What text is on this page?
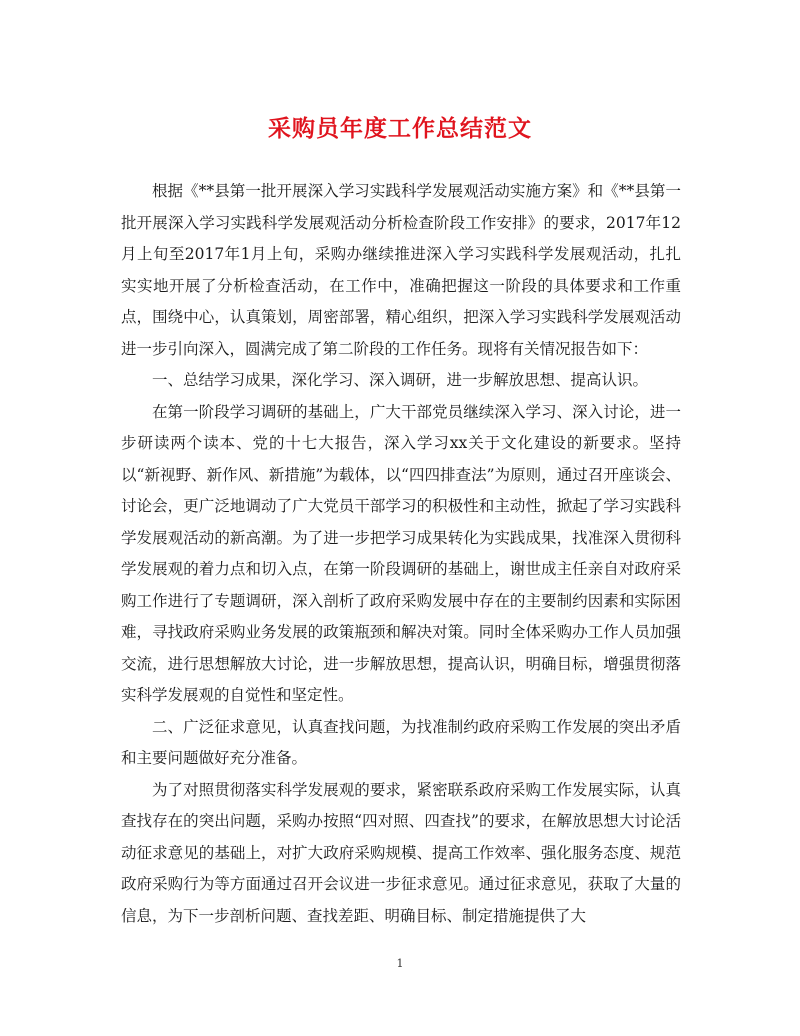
采购员年度工作总结范文

根据《**县第一批开展深入学习实践科学发展观活动实施方案》和《**县第一批开展深入学习实践科学发展观活动分析检查阶段工作安排》的要求，2017年12月上旬至2017年1月上旬，采购办继续推进深入学习实践科学发展观活动，扎扎实实地开展了分析检查活动，在工作中，准确把握这一阶段的具体要求和工作重点，围绕中心，认真策划，周密部署，精心组织，把深入学习实践科学发展观活动进一步引向深入，圆满完成了第二阶段的工作任务。现将有关情况报告如下：

一、总结学习成果，深化学习、深入调研，进一步解放思想、提高认识。

在第一阶段学习调研的基础上，广大干部党员继续深入学习、深入讨论，进一步研读两个读本、党的十七大报告，深入学习xx关于文化建设的新要求。坚持以“新视野、新作风、新措施”为载体，以“四四排查法”为原则，通过召开座谈会、讨论会，更广泛地调动了广大党员干部学习的积极性和主动性，掀起了学习实践科学发展观活动的新高潮。为了进一步把学习成果转化为实践成果，找准深入贯彻科学发展观的着力点和切入点，在第一阶段调研的基础上，谢世成主任亲自对政府采购工作进行了专题调研，深入剖析了政府采购发展中存在的主要制约因素和实际困难，寻找政府采购业务发展的政策瓶颈和解决对策。同时全体采购办工作人员加强交流，进行思想解放大讨论，进一步解放思想，提高认识，明确目标，增强贯彻落实科学发展观的自觉性和坚定性。

二、广泛征求意见，认真查找问题，为找准制约政府采购工作发展的突出矛盾和主要问题做好充分准备。

为了对照贯彻落实科学发展观的要求，紧密联系政府采购工作发展实际，认真查找存在的突出问题，采购办按照“四对照、四查找”的要求，在解放思想大讨论活动征求意见的基础上，对扩大政府采购规模、提高工作效率、强化服务态度、规范政府采购行为等方面通过召开会议进一步征求意见。通过征求意见，获取了大量的信息，为下一步剖析问题、查找差距、明确目标、制定措施提供了大

1
